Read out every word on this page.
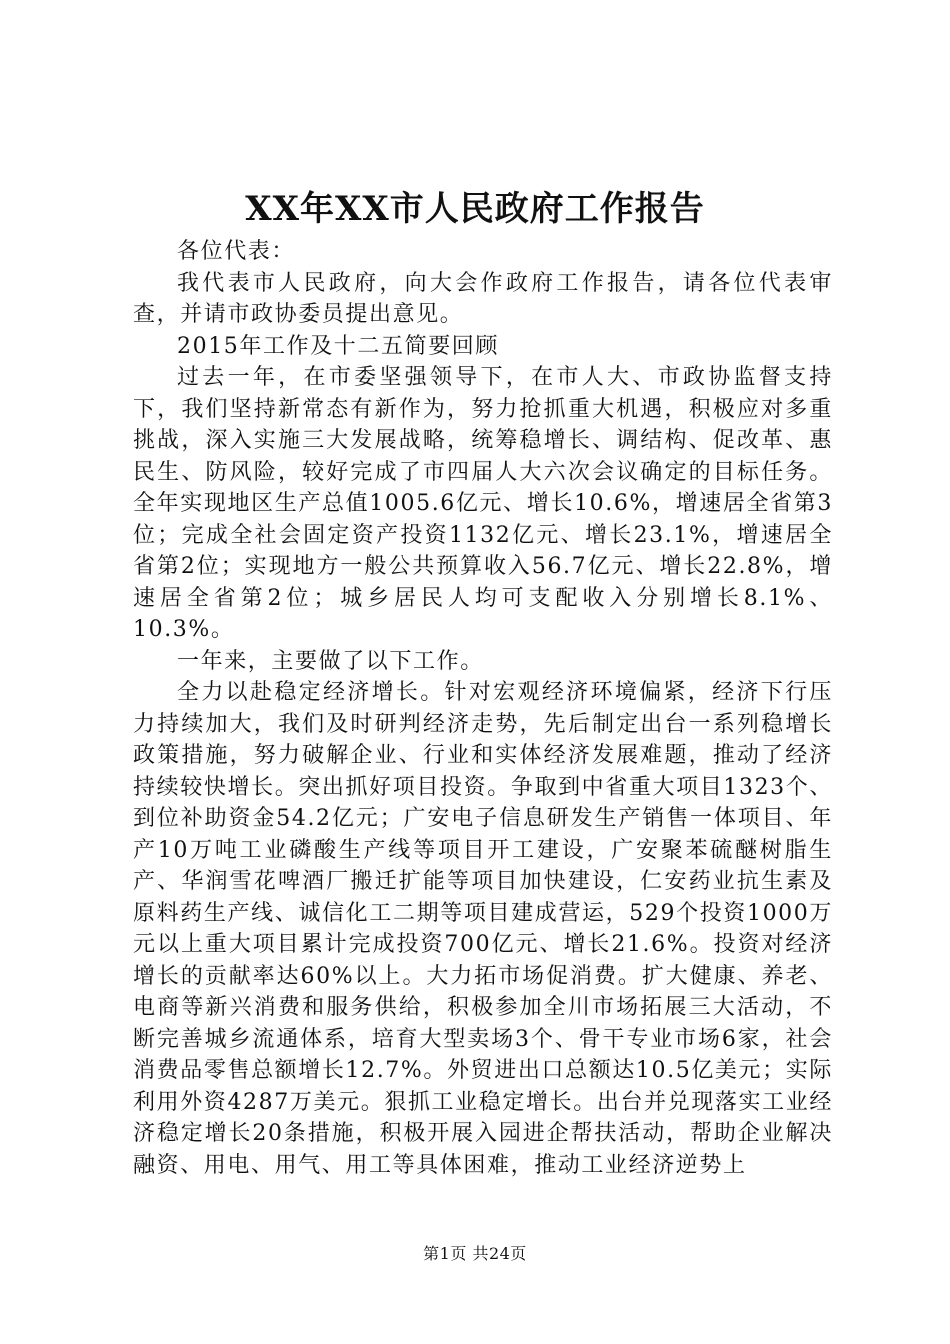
XX年XX市人民政府工作报告

各位代表：

我代表市人民政府，向大会作政府工作报告，请各位代表审查，并请市政协委员提出意见。

2015年工作及十二五简要回顾

过去一年，在市委坚强领导下，在市人大、市政协监督支持下，我们坚持新常态有新作为，努力抢抓重大机遇，积极应对多重挑战，深入实施三大发展战略，统筹稳增长、调结构、促改革、惠民生、防风险，较好完成了市四届人大六次会议确定的目标任务。全年实现地区生产总值1005.6亿元、增长10.6%，增速居全省第3位；完成全社会固定资产投资1132亿元、增长23.1%，增速居全省第2位；实现地方一般公共预算收入56.7亿元、增长22.8%，增速居全省第2位；城乡居民人均可支配收入分别增长8.1%、10.3%。

一年来，主要做了以下工作。

全力以赴稳定经济增长。针对宏观经济环境偏紧，经济下行压力持续加大，我们及时研判经济走势，先后制定出台一系列稳增长政策措施，努力破解企业、行业和实体经济发展难题，推动了经济持续较快增长。突出抓好项目投资。争取到中省重大项目1323个、到位补助资金54.2亿元；广安电子信息研发生产销售一体项目、年产10万吨工业磷酸生产线等项目开工建设，广安聚苯硫醚树脂生产、华润雪花啤酒厂搬迁扩能等项目加快建设，仁安药业抗生素及原料药生产线、诚信化工二期等项目建成营运，529个投资1000万元以上重大项目累计完成投资700亿元、增长21.6%。投资对经济增长的贡献率达60%以上。大力拓市场促消费。扩大健康、养老、电商等新兴消费和服务供给，积极参加全川市场拓展三大活动，不断完善城乡流通体系，培育大型卖场3个、骨干专业市场6家，社会消费品零售总额增长12.7%。外贸进出口总额达10.5亿美元；实际利用外资4287万美元。狠抓工业稳定增长。出台并兑现落实工业经济稳定增长20条措施，积极开展入园进企帮扶活动，帮助企业解决融资、用电、用气、用工等具体困难，推动工业经济逆势上

第1页 共24页
